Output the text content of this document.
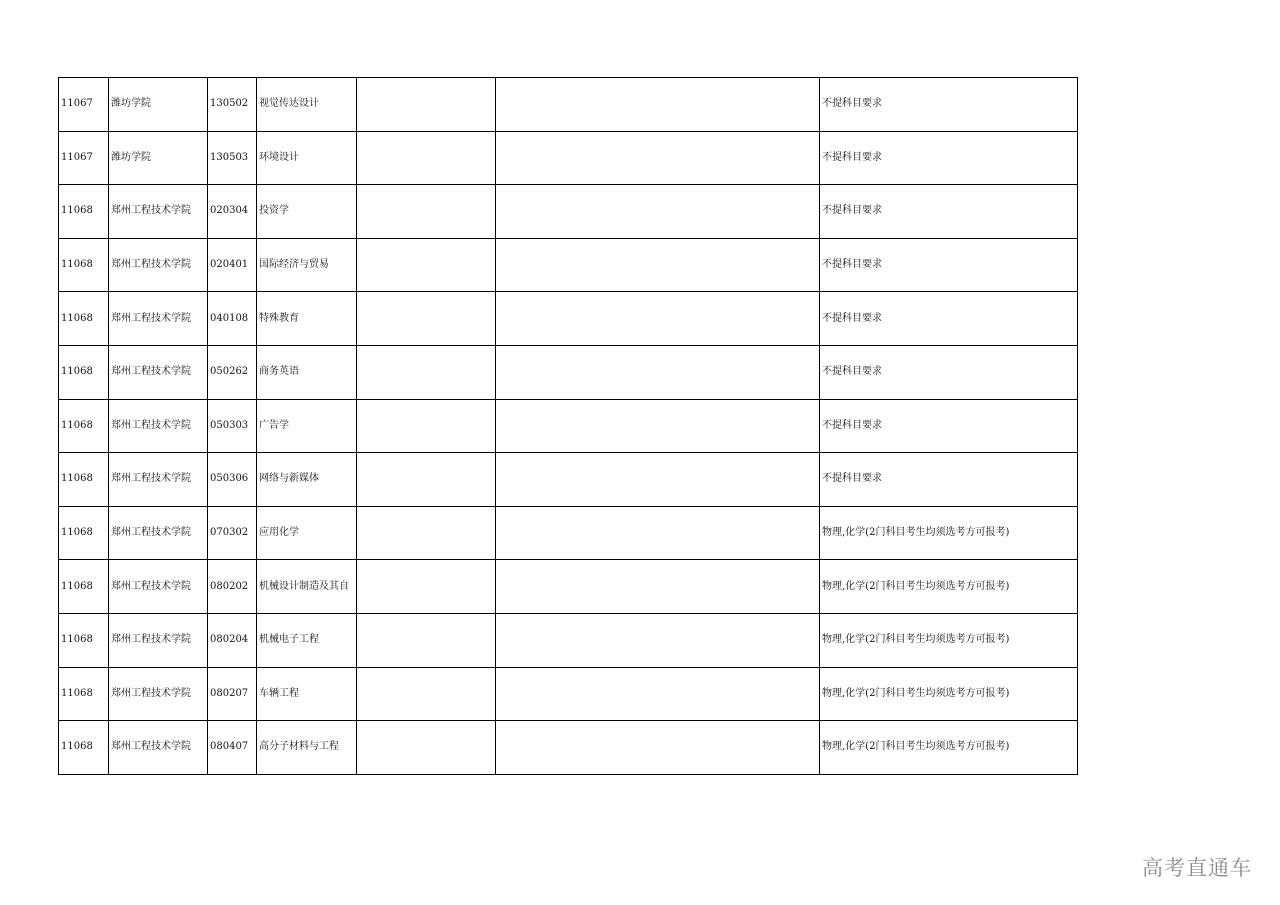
11067	潍坊学院	130502	视觉传达设计			不提科目要求
11067	潍坊学院	130503	环境设计			不提科目要求
11068	郑州工程技术学院	020304	投资学			不提科目要求
11068	郑州工程技术学院	020401	国际经济与贸易			不提科目要求
11068	郑州工程技术学院	040108	特殊教育			不提科目要求
11068	郑州工程技术学院	050262	商务英语			不提科目要求
11068	郑州工程技术学院	050303	广告学			不提科目要求
11068	郑州工程技术学院	050306	网络与新媒体			不提科目要求
11068	郑州工程技术学院	070302	应用化学			物理,化学(2门科目考生均须选考方可报考)
11068	郑州工程技术学院	080202	机械设计制造及其自			物理,化学(2门科目考生均须选考方可报考)
11068	郑州工程技术学院	080204	机械电子工程			物理,化学(2门科目考生均须选考方可报考)
11068	郑州工程技术学院	080207	车辆工程			物理,化学(2门科目考生均须选考方可报考)
11068	郑州工程技术学院	080407	高分子材料与工程			物理,化学(2门科目考生均须选考方可报考)
高考直通车
